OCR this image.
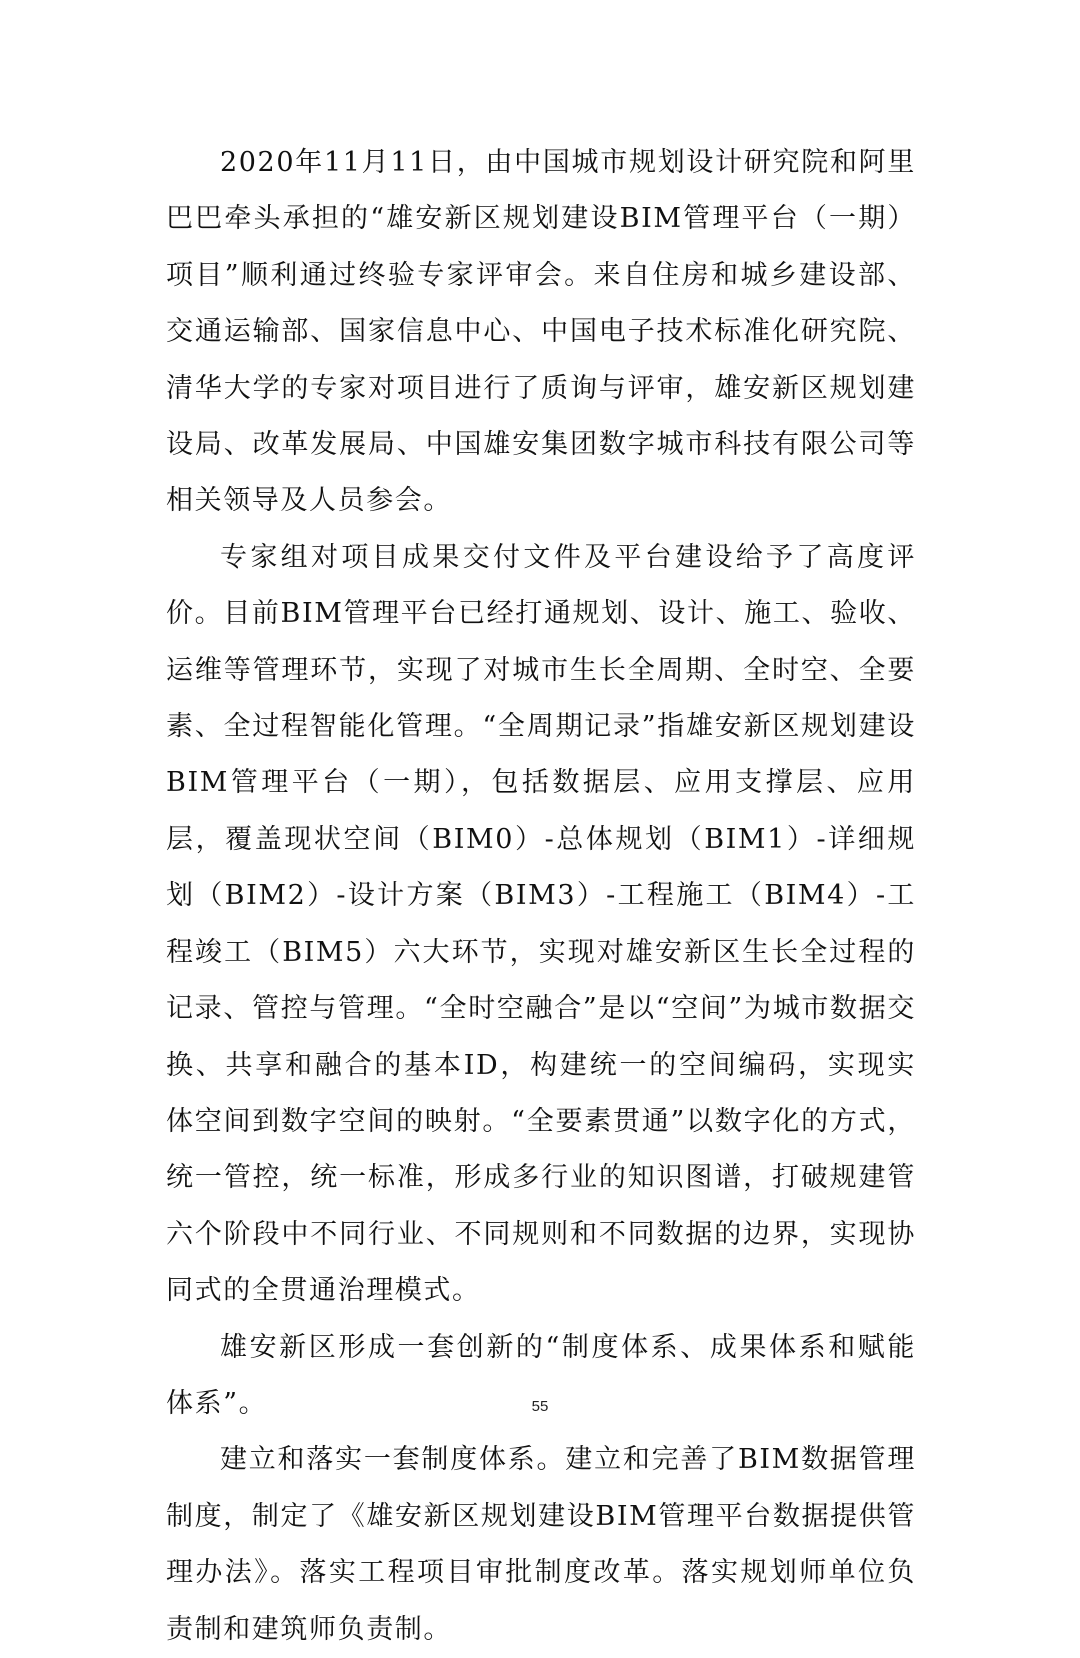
2020年11月11日，由中国城市规划设计研究院和阿里巴巴牵头承担的“雄安新区规划建设BIM管理平台（一期）项目”顺利通过终验专家评审会。来自住房和城乡建设部、交通运输部、国家信息中心、中国电子技术标准化研究院、清华大学的专家对项目进行了质询与评审，雄安新区规划建设局、改革发展局、中国雄安集团数字城市科技有限公司等相关领导及人员参会。

专家组对项目成果交付文件及平台建设给予了高度评价。目前BIM管理平台已经打通规划、设计、施工、验收、运维等管理环节，实现了对城市生长全周期、全时空、全要素、全过程智能化管理。“全周期记录”指雄安新区规划建设BIM管理平台（一期），包括数据层、应用支撑层、应用层，覆盖现状空间（BIM0）-总体规划（BIM1）-详细规划（BIM2）-设计方案（BIM3）-工程施工（BIM4）-工程竣工（BIM5）六大环节，实现对雄安新区生长全过程的记录、管控与管理。“全时空融合”是以“空间”为城市数据交换、共享和融合的基本ID，构建统一的空间编码，实现实体空间到数字空间的映射。“全要素贯通”以数字化的方式，统一管控，统一标准，形成多行业的知识图谱，打破规建管六个阶段中不同行业、不同规则和不同数据的边界，实现协同式的全贯通治理模式。

雄安新区形成一套创新的“制度体系、成果体系和赋能体系”。

建立和落实一套制度体系。建立和完善了BIM数据管理制度，制定了《雄安新区规划建设BIM管理平台数据提供管理办法》。落实工程项目审批制度改革。落实规划师单位负责制和建筑师负责制。

55
